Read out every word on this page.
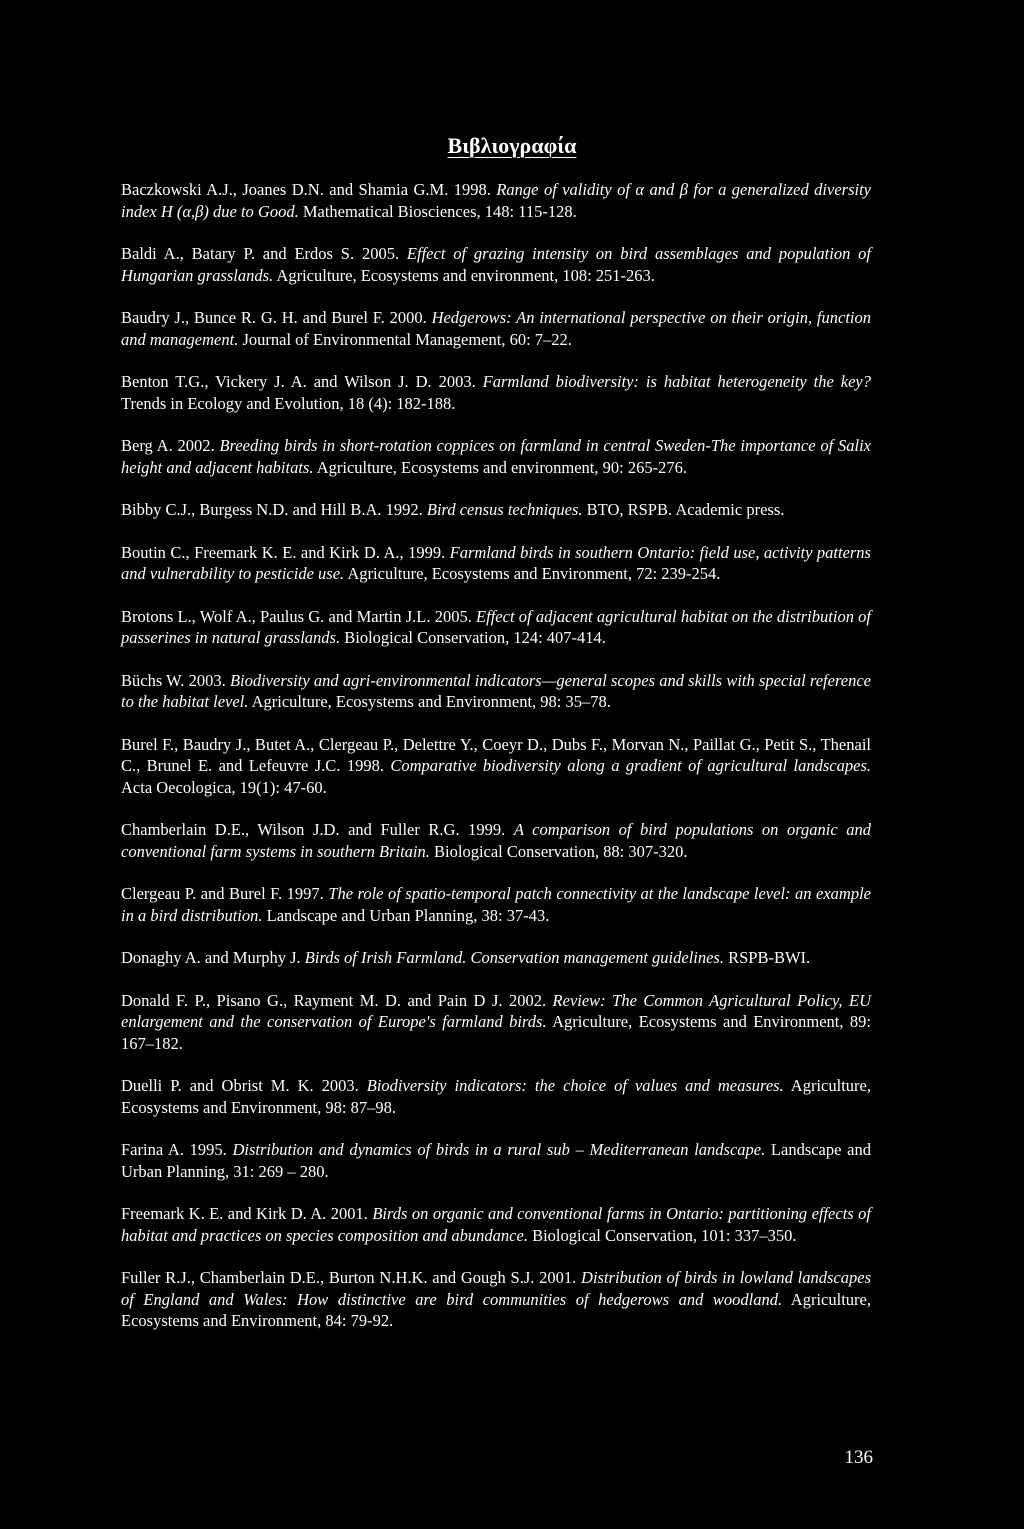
Βιβλιογραφία

Baczkowski A.J., Joanes D.N. and Shamia G.M. 1998. Range of validity of α and β for a generalized diversity index H (α,β) due to Good. Mathematical Biosciences, 148: 115-128.

Baldi A., Batary P. and Erdos S. 2005. Effect of grazing intensity on bird assemblages and population of Hungarian grasslands. Agriculture, Ecosystems and environment, 108: 251-263.

Baudry J., Bunce R. G. H. and Burel F. 2000. Hedgerows: An international perspective on their origin, function and management. Journal of Environmental Management, 60: 7–22.

Benton T.G., Vickery J. A. and Wilson J. D. 2003. Farmland biodiversity: is habitat heterogeneity the key? Trends in Ecology and Evolution, 18 (4): 182-188.

Berg A. 2002. Breeding birds in short-rotation coppices on farmland in central Sweden-The importance of Salix height and adjacent habitats. Agriculture, Ecosystems and environment, 90: 265-276.

Bibby C.J., Burgess N.D. and Hill B.A. 1992. Bird census techniques. BTO, RSPB. Academic press.

Boutin C., Freemark K. E. and Kirk D. A., 1999. Farmland birds in southern Ontario: field use, activity patterns and vulnerability to pesticide use. Agriculture, Ecosystems and Environment, 72: 239-254.

Brotons L., Wolf A., Paulus G. and Martin J.L. 2005. Effect of adjacent agricultural habitat on the distribution of passerines in natural grasslands. Biological Conservation, 124: 407-414.

Büchs W. 2003. Biodiversity and agri-environmental indicators—general scopes and skills with special reference to the habitat level. Agriculture, Ecosystems and Environment, 98: 35–78.

Burel F., Baudry J., Butet A., Clergeau P., Delettre Y., Coeyr D., Dubs F., Morvan N., Paillat G., Petit S., Thenail C., Brunel E. and Lefeuvre J.C. 1998. Comparative biodiversity along a gradient of agricultural landscapes. Acta Oecologica, 19(1): 47-60.

Chamberlain D.E., Wilson J.D. and Fuller R.G. 1999. A comparison of bird populations on organic and conventional farm systems in southern Britain. Biological Conservation, 88: 307-320.

Clergeau P. and Burel F. 1997. The role of spatio-temporal patch connectivity at the landscape level: an example in a bird distribution. Landscape and Urban Planning, 38: 37-43.

Donaghy A. and Murphy J. Birds of Irish Farmland. Conservation management guidelines. RSPB-BWI.

Donald F. P., Pisano G., Rayment M. D. and Pain D J. 2002. Review: The Common Agricultural Policy, EU enlargement and the conservation of Europe's farmland birds. Agriculture, Ecosystems and Environment, 89: 167–182.

Duelli P. and Obrist M. K. 2003. Biodiversity indicators: the choice of values and measures. Agriculture, Ecosystems and Environment, 98: 87–98.

Farina A. 1995. Distribution and dynamics of birds in a rural sub – Mediterranean landscape. Landscape and Urban Planning, 31: 269 – 280.

Freemark K. E. and Kirk D. A. 2001. Birds on organic and conventional farms in Ontario: partitioning effects of habitat and practices on species composition and abundance. Biological Conservation, 101: 337–350.

Fuller R.J., Chamberlain D.E., Burton N.H.K. and Gough S.J. 2001. Distribution of birds in lowland landscapes of England and Wales: How distinctive are bird communities of hedgerows and woodland. Agriculture, Ecosystems and Environment, 84: 79-92.

136
